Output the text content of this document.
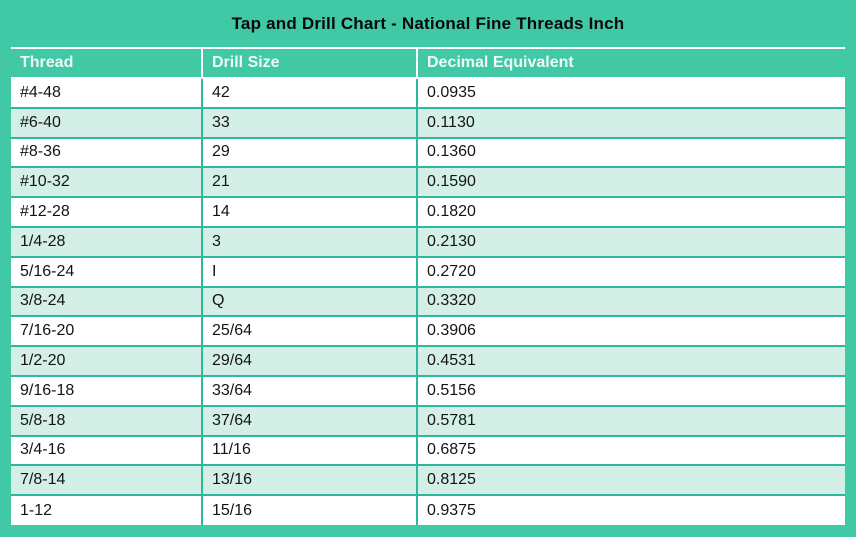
Tap and Drill Chart - National Fine Threads Inch
Thread	Drill Size	Decimal Equivalent
#4-48	42	0.0935
#6-40	33	0.1130
#8-36	29	0.1360
#10-32	21	0.1590
#12-28	14	0.1820
1/4-28	3	0.2130
5/16-24	I	0.2720
3/8-24	Q	0.3320
7/16-20	25/64	0.3906
1/2-20	29/64	0.4531
9/16-18	33/64	0.5156
5/8-18	37/64	0.5781
3/4-16	11/16	0.6875
7/8-14	13/16	0.8125
1-12	15/16	0.9375
